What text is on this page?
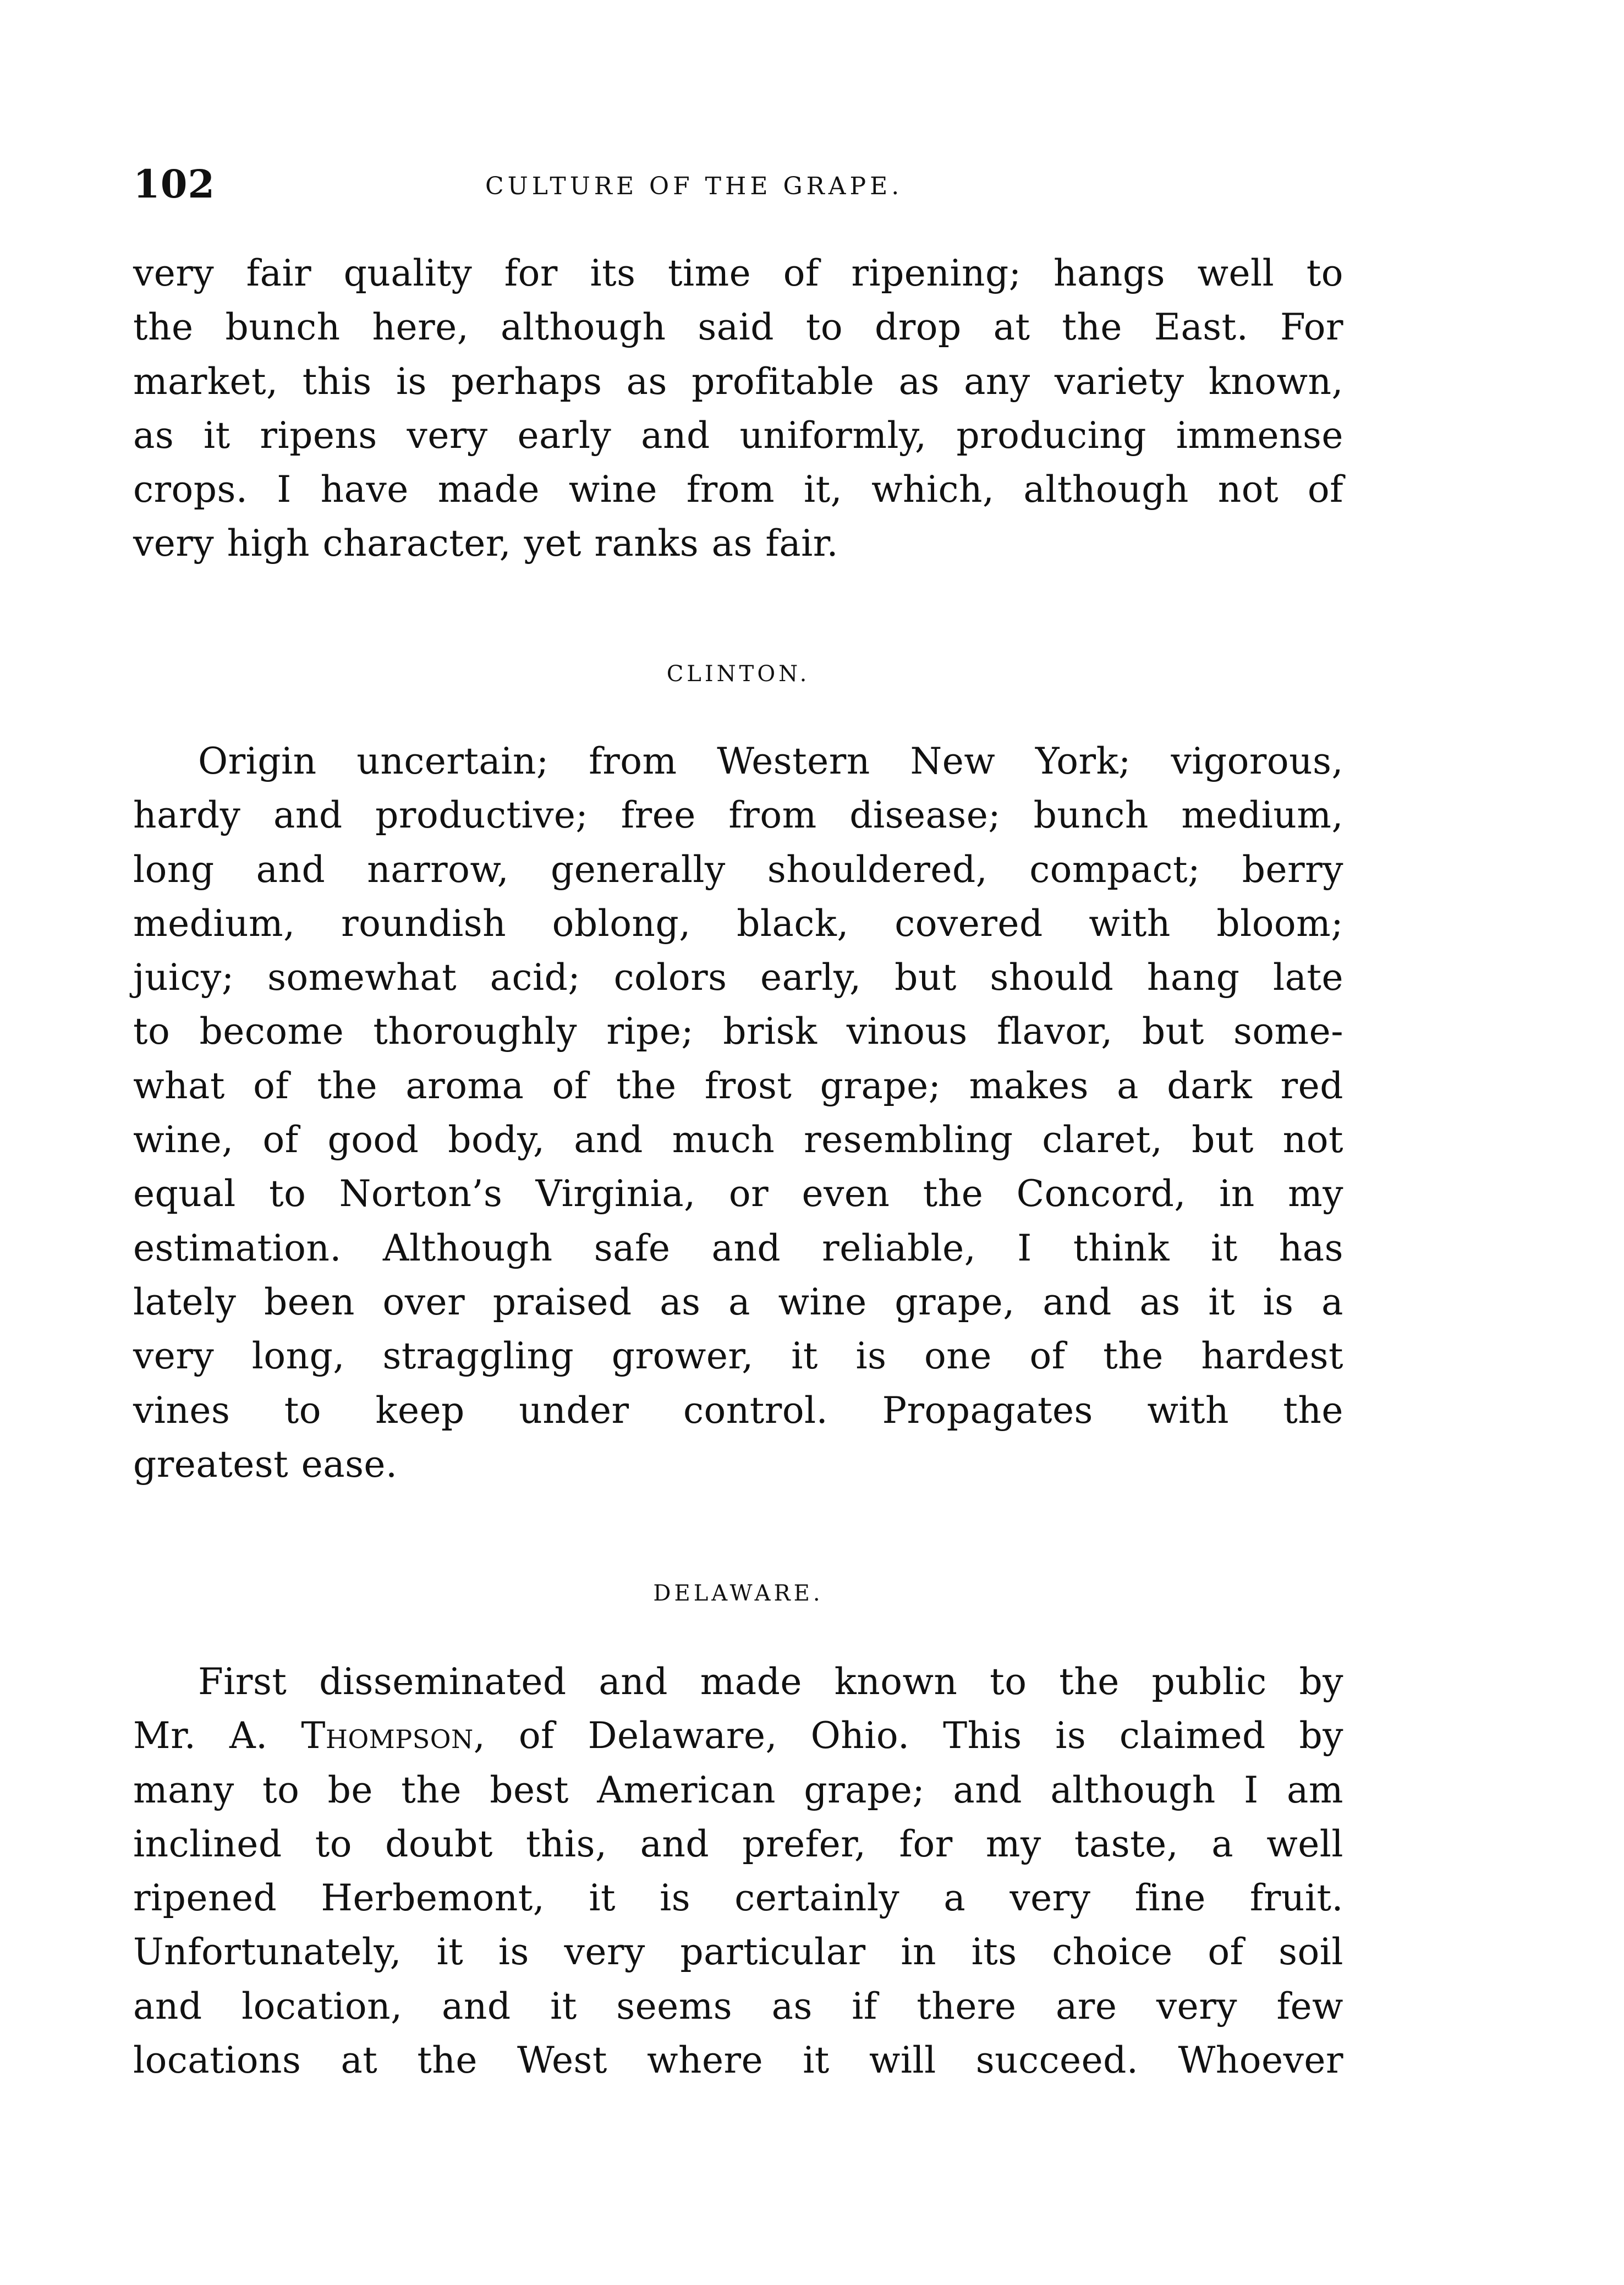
102	CULTURE OF THE GRAPE.

very fair quality for its time of ripening; hangs well to
the bunch here, although said to drop at the East. For
market, this is perhaps as profitable as any variety known,
as it ripens very early and uniformly, producing immense
crops. I have made wine from it, which, although not of
very high character, yet ranks as fair.

CLINTON.

Origin uncertain; from Western New York; vigorous,
hardy and productive; free from disease; bunch medium,
long and narrow, generally shouldered, compact; berry
medium, roundish oblong, black, covered with bloom;
juicy; somewhat acid; colors early, but should hang late
to become thoroughly ripe; brisk vinous flavor, but some-
what of the aroma of the frost grape; makes a dark red
wine, of good body, and much resembling claret, but not
equal to Norton’s Virginia, or even the Concord, in my
estimation. Although safe and reliable, I think it has
lately been over praised as a wine grape, and as it is a
very long, straggling grower, it is one of the hardest
vines to keep under control. Propagates with the
greatest ease.

DELAWARE.

First disseminated and made known to the public by
Mr. A. Thompson, of Delaware, Ohio. This is claimed by
many to be the best American grape; and although I am
inclined to doubt this, and prefer, for my taste, a well
ripened Herbemont, it is certainly a very fine fruit.
Unfortunately, it is very particular in its choice of soil
and location, and it seems as if there are very few
locations at the West where it will succeed. Whoever
